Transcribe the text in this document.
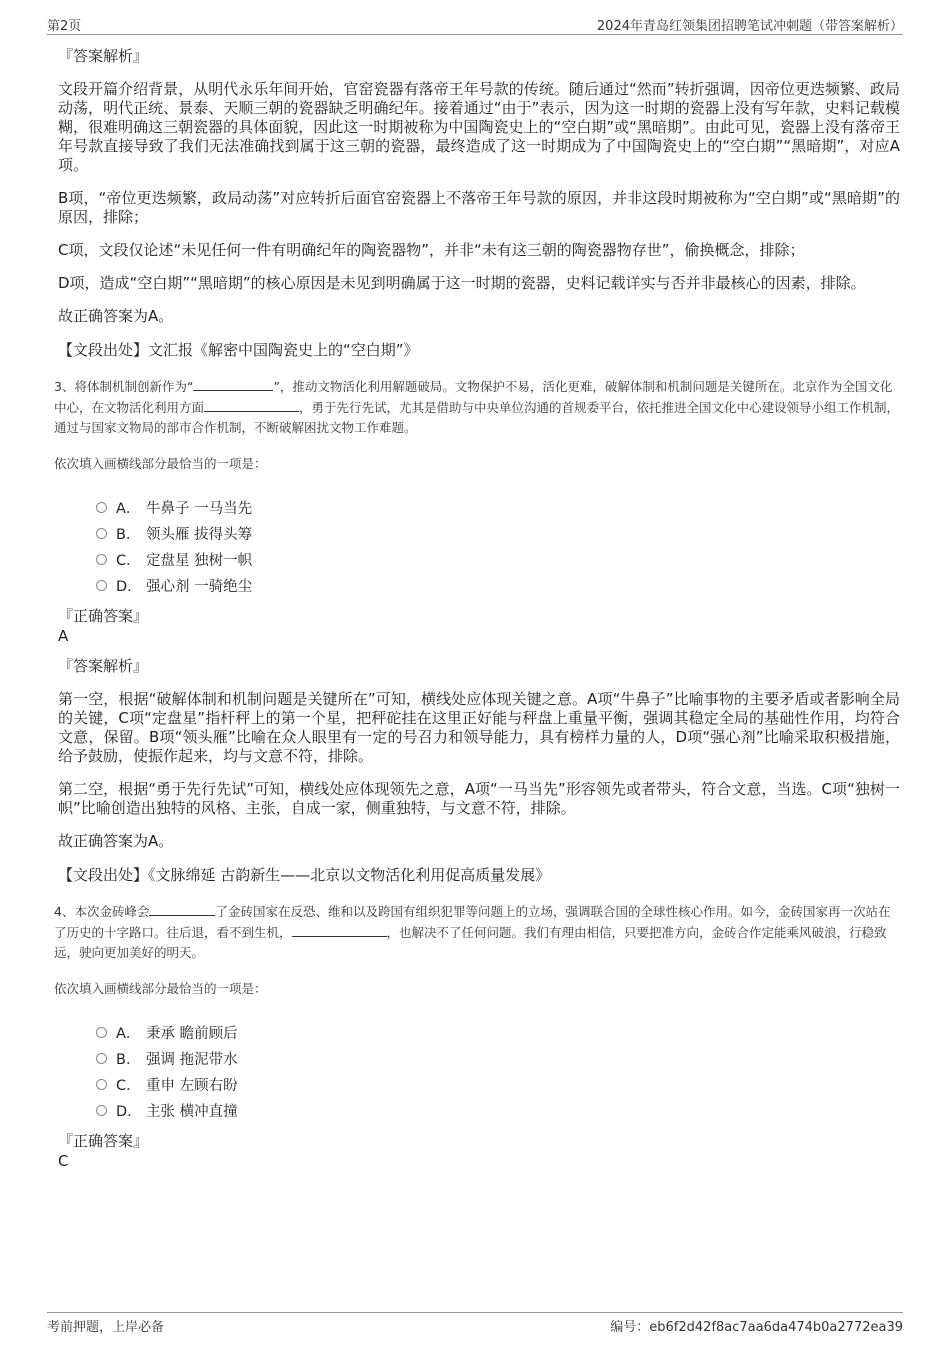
第2页	2024年青岛红领集团招聘笔试冲刺题（带答案解析）
『答案解析』

文段开篇介绍背景，从明代永乐年间开始，官窑瓷器有落帝王年号款的传统。随后通过“然而”转折强调，因帝位更迭频繁、政局动荡，明代正统、景泰、天顺三朝的瓷器缺乏明确纪年。接着通过“由于”表示，因为这一时期的瓷器上没有写年款，史料记载模糊，很难明确这三朝瓷器的具体面貌，因此这一时期被称为中国陶瓷史上的“空白期”或“黑暗期”。由此可见，瓷器上没有落帝王年号款直接导致了我们无法准确找到属于这三朝的瓷器，最终造成了这一时期成为了中国陶瓷史上的“空白期”“黑暗期”，对应A项。

B项，“帝位更迭频繁，政局动荡”对应转折后面官窑瓷器上不落帝王年号款的原因，并非这段时期被称为“空白期”或“黑暗期”的原因，排除；

C项，文段仅论述“未见任何一件有明确纪年的陶瓷器物”，并非“未有这三朝的陶瓷器物存世”，偷换概念，排除；

D项，造成“空白期”“黑暗期”的核心原因是未见到明确属于这一时期的瓷器，史料记载详实与否并非最核心的因素，排除。

故正确答案为A。

【文段出处】文汇报《解密中国陶瓷史上的“空白期”》

3、将体制机制创新作为“	”，推动文物活化利用解题破局。文物保护不易，活化更难，破解体制和机制问题是关键所在。北京作为全国文化中心，在文物活化利用方面	，勇于先行先试，尤其是借助与中央单位沟通的首规委平台，依托推进全国文化中心建设领导小组工作机制，通过与国家文物局的部市合作机制，不断破解困扰文物工作难题。

依次填入画横线部分最恰当的一项是：

A． 牛鼻子 一马当先
B． 领头雁 拔得头筹
C． 定盘星 独树一帜
D． 强心剂 一骑绝尘

『正确答案』

A

『答案解析』

第一空，根据“破解体制和机制问题是关键所在”可知，横线处应体现关键之意。A项“牛鼻子”比喻事物的主要矛盾或者影响全局的关键，C项“定盘星”指杆秤上的第一个星，把秤砣挂在这里正好能与秤盘上重量平衡，强调其稳定全局的基础性作用，均符合文意，保留。B项“领头雁”比喻在众人眼里有一定的号召力和领导能力，具有榜样力量的人，D项“强心剂”比喻采取积极措施，给予鼓励，使振作起来，均与文意不符，排除。

第二空，根据“勇于先行先试”可知，横线处应体现领先之意，A项“一马当先”形容领先或者带头，符合文意，当选。C项“独树一帜”比喻创造出独特的风格、主张，自成一家，侧重独特，与文意不符，排除。

故正确答案为A。

【文段出处】《文脉绵延 古韵新生——北京以文物活化利用促高质量发展》

4、本次金砖峰会	了金砖国家在反恐、维和以及跨国有组织犯罪等问题上的立场，强调联合国的全球性核心作用。如今，金砖国家再一次站在了历史的十字路口。往后退，看不到生机，	，也解决不了任何问题。我们有理由相信，只要把准方向，金砖合作定能乘风破浪，行稳致远，驶向更加美好的明天。

依次填入画横线部分最恰当的一项是：

A． 秉承 瞻前顾后
B． 强调 拖泥带水
C． 重申 左顾右盼
D． 主张 横冲直撞

『正确答案』

C

考前押题，上岸必备	编号：eb6f2d42f8ac7aa6da474b0a2772ea39
